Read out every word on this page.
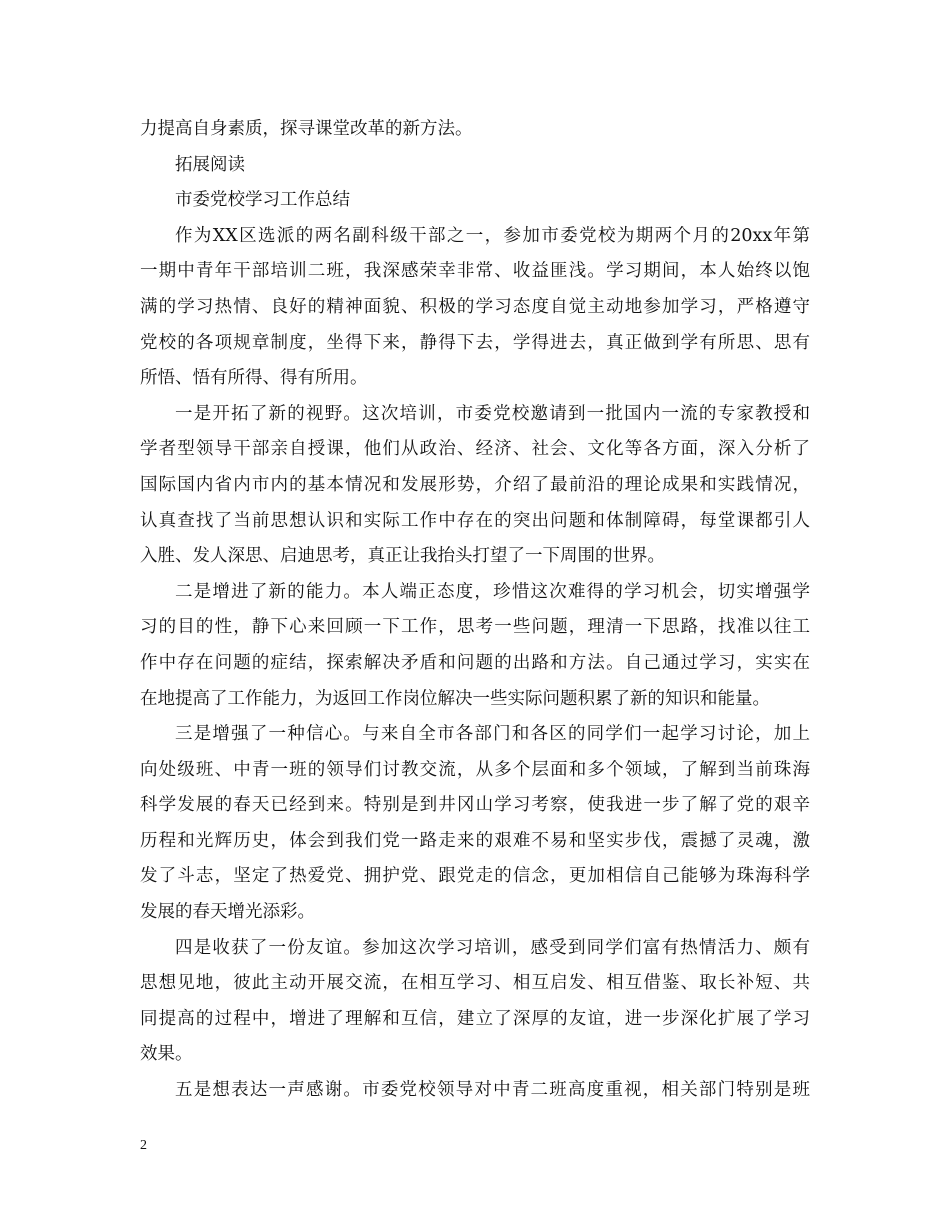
力提高自身素质，探寻课堂改革的新方法。
拓展阅读
市委党校学习工作总结
作为XX区选派的两名副科级干部之一，参加市委党校为期两个月的20xx年第
一期中青年干部培训二班，我深感荣幸非常、收益匪浅。学习期间，本人始终以饱
满的学习热情、良好的精神面貌、积极的学习态度自觉主动地参加学习，严格遵守
党校的各项规章制度，坐得下来，静得下去，学得进去，真正做到学有所思、思有
所悟、悟有所得、得有所用。
一是开拓了新的视野。这次培训，市委党校邀请到一批国内一流的专家教授和
学者型领导干部亲自授课，他们从政治、经济、社会、文化等各方面，深入分析了
国际国内省内市内的基本情况和发展形势，介绍了最前沿的理论成果和实践情况，
认真查找了当前思想认识和实际工作中存在的突出问题和体制障碍，每堂课都引人
入胜、发人深思、启迪思考，真正让我抬头打望了一下周围的世界。
二是增进了新的能力。本人端正态度，珍惜这次难得的学习机会，切实增强学
习的目的性，静下心来回顾一下工作，思考一些问题，理清一下思路，找准以往工
作中存在问题的症结，探索解决矛盾和问题的出路和方法。自己通过学习，实实在
在地提高了工作能力，为返回工作岗位解决一些实际问题积累了新的知识和能量。
三是增强了一种信心。与来自全市各部门和各区的同学们一起学习讨论，加上
向处级班、中青一班的领导们讨教交流，从多个层面和多个领域，了解到当前珠海
科学发展的春天已经到来。特别是到井冈山学习考察，使我进一步了解了党的艰辛
历程和光辉历史，体会到我们党一路走来的艰难不易和坚实步伐，震撼了灵魂，激
发了斗志，坚定了热爱党、拥护党、跟党走的信念，更加相信自己能够为珠海科学
发展的春天增光添彩。
四是收获了一份友谊。参加这次学习培训，感受到同学们富有热情活力、颇有
思想见地，彼此主动开展交流，在相互学习、相互启发、相互借鉴、取长补短、共
同提高的过程中，增进了理解和互信，建立了深厚的友谊，进一步深化扩展了学习
效果。
五是想表达一声感谢。市委党校领导对中青二班高度重视，相关部门特别是班
2
